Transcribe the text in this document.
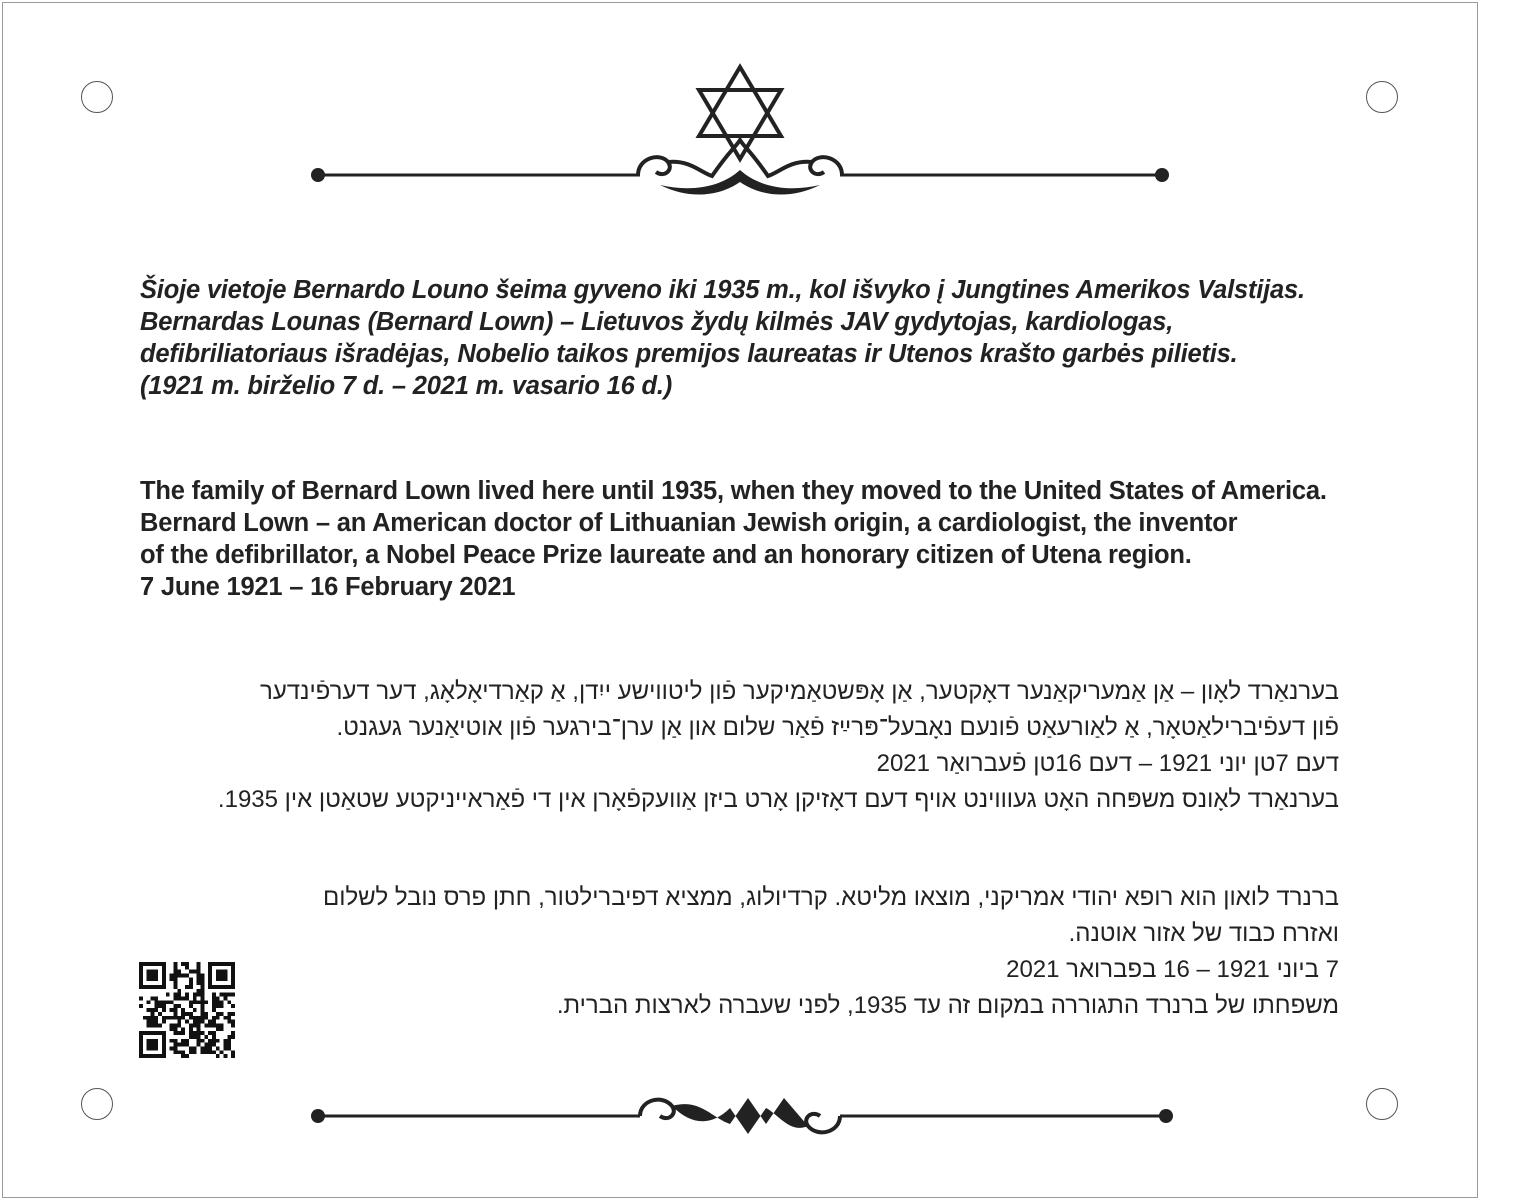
Šioje vietoje Bernardo Louno šeima gyveno iki 1935 m., kol išvyko į Jungtines Amerikos Valstijas.
Bernardas Lounas (Bernard Lown) – Lietuvos žydų kilmės JAV gydytojas, kardiologas,
defibriliatoriaus išradėjas, Nobelio taikos premijos laureatas ir Utenos krašto garbės pilietis.
(1921 m. birželio 7 d. – 2021 m. vasario 16 d.)
The family of Bernard Lown lived here until 1935, when they moved to the United States of America.
Bernard Lown – an American doctor of Lithuanian Jewish origin, a cardiologist, the inventor
of the defibrillator, a Nobel Peace Prize laureate and an honorary citizen of Utena region.
7 June 1921 – 16 February 2021
בערנאַרד לאָון – אַן אַמעריקאַנער דאָקטער, אַן אָפּשטאַמיקער פֿון ליטווישע ייִדן, אַ קאַרדיאָלאָג, דער דערפֿינדער
פֿון דעפֿיברילאַטאָר, אַ לאַורעאַט פֿונעם נאָבעל־פּרײַז פֿאַר שלום און אַן ערן־בירגער פֿון אוטיאַנער געגנט.
דעם 7טן יוני 1921 – דעם 16טן פֿעברואַר 2021
בערנאַרד לאָונס משפּחה האָט געוווינט אויף דעם דאָזיקן אָרט ביזן אַוועקפֿאָרן אין די פֿאַראייניקטע שטאַטן אין 1935.
ברנרד לואון הוא רופא יהודי אמריקני, מוצאו מליטא. קרדיולוג, ממציא דפיברילטור, חתן פרס נובל לשלום
ואזרח כבוד של אזור אוטנה.
7 ביוני 1921 – 16 בפברואר 2021
משפחתו של ברנרד התגוררה במקום זה עד 1935, לפני שעברה לארצות הברית.
